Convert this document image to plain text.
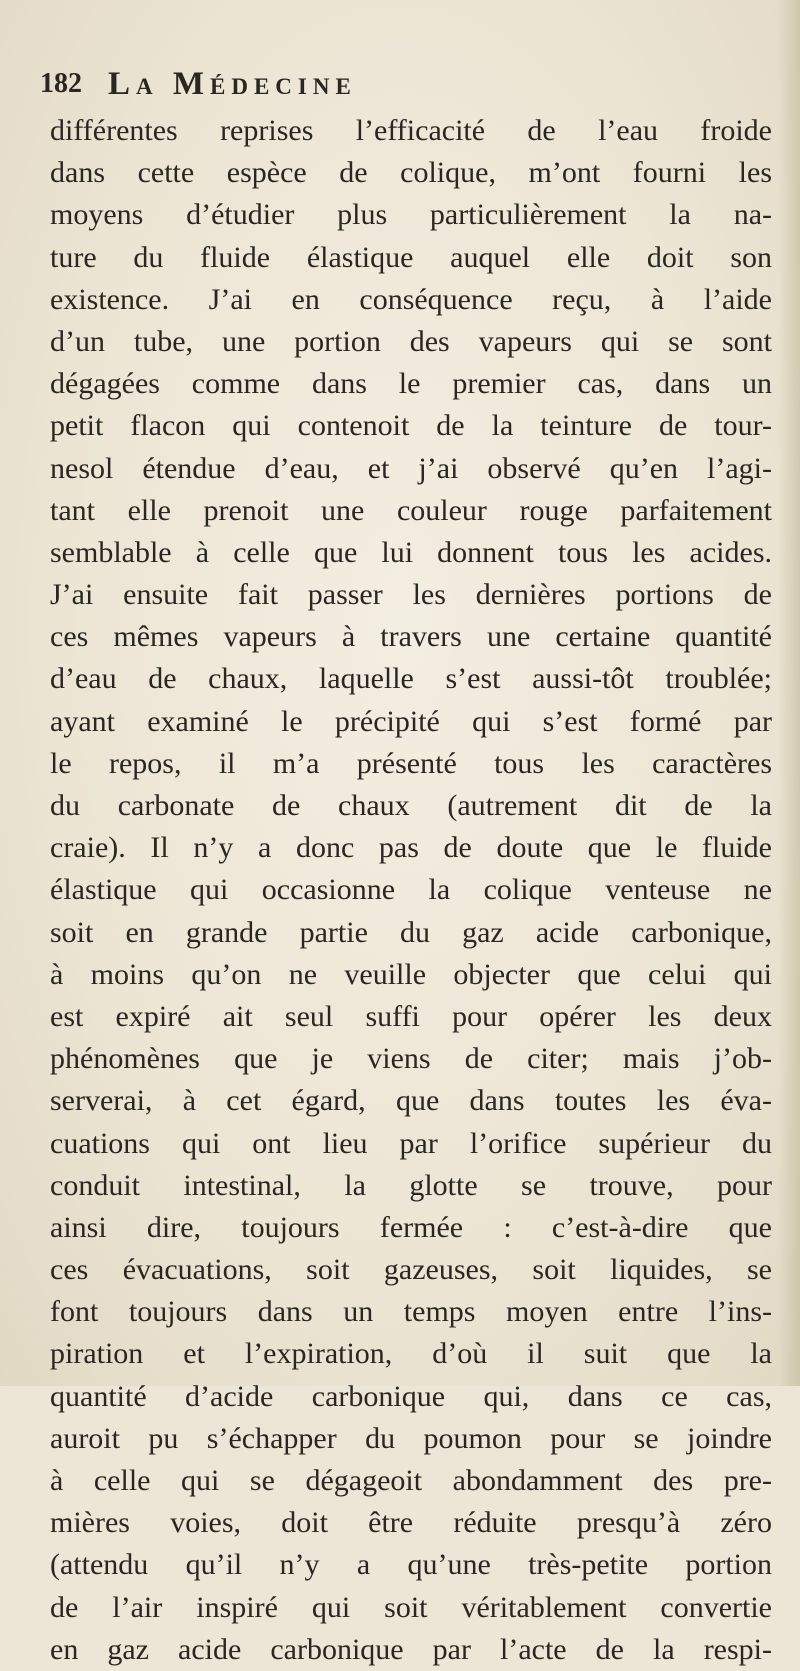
182 La Médecine
différentes reprises l’efficacité de l’eau froide
dans cette espèce de colique, m’ont fourni les
moyens d’étudier plus particulièrement la na-
ture du fluide élastique auquel elle doit son
existence. J’ai en conséquence reçu, à l’aide
d’un tube, une portion des vapeurs qui se sont
dégagées comme dans le premier cas, dans un
petit flacon qui contenoit de la teinture de tour-
nesol étendue d’eau, et j’ai observé qu’en l’agi-
tant elle prenoit une couleur rouge parfaitement
semblable à celle que lui donnent tous les acides.
J’ai ensuite fait passer les dernières portions de
ces mêmes vapeurs à travers une certaine quantité
d’eau de chaux, laquelle s’est aussi-tôt troublée;
ayant examiné le précipité qui s’est formé par
le repos, il m’a présenté tous les caractères
du carbonate de chaux (autrement dit de la
craie). Il n’y a donc pas de doute que le fluide
élastique qui occasionne la colique venteuse ne
soit en grande partie du gaz acide carbonique,
à moins qu’on ne veuille objecter que celui qui
est expiré ait seul suffi pour opérer les deux
phénomènes que je viens de citer; mais j’ob-
serverai, à cet égard, que dans toutes les éva-
cuations qui ont lieu par l’orifice supérieur du
conduit intestinal, la glotte se trouve, pour
ainsi dire, toujours fermée : c’est-à-dire que
ces évacuations, soit gazeuses, soit liquides, se
font toujours dans un temps moyen entre l’ins-
piration et l’expiration, d’où il suit que la
quantité d’acide carbonique qui, dans ce cas,
auroit pu s’échapper du poumon pour se joindre
à celle qui se dégageoit abondamment des pre-
mières voies, doit être réduite presqu’à zéro
(attendu qu’il n’y a qu’une très-petite portion
de l’air inspiré qui soit véritablement convertie
en gaz acide carbonique par l’acte de la respi-
